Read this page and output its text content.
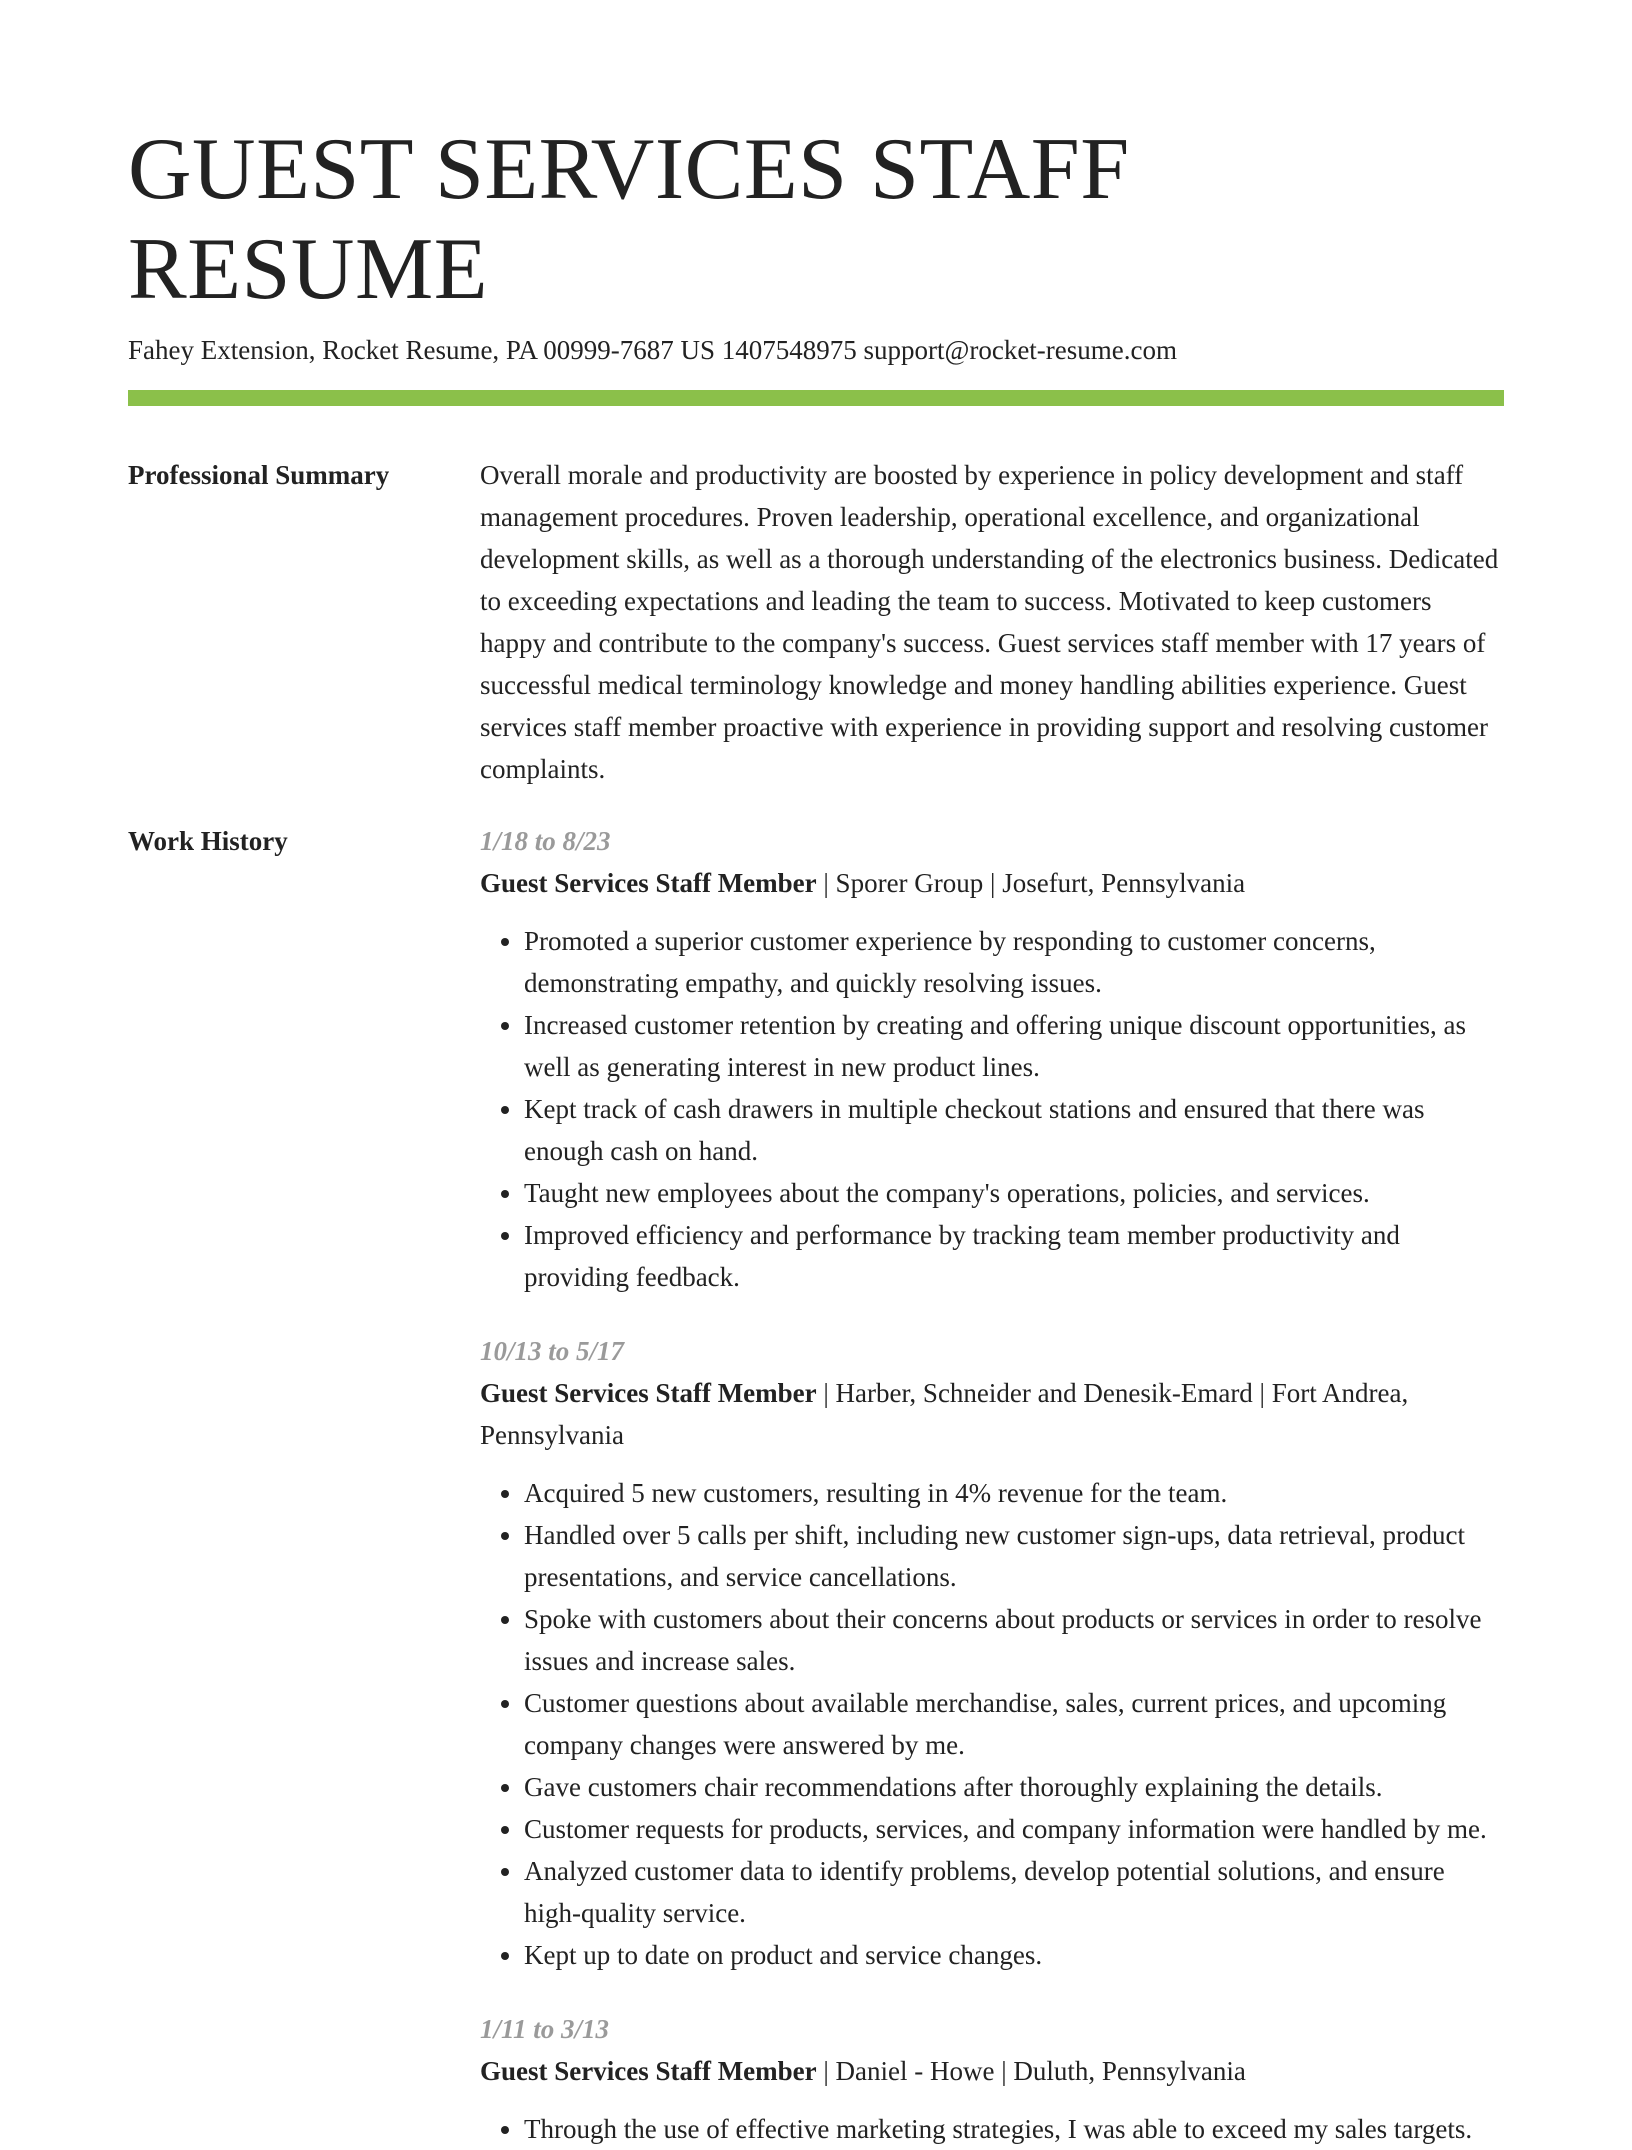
GUEST SERVICES STAFF RESUME
Fahey Extension, Rocket Resume, PA 00999-7687 US 1407548975 support@rocket-resume.com
Professional Summary	Overall morale and productivity are boosted by experience in policy development and staff management procedures. Proven leadership, operational excellence, and organizational development skills, as well as a thorough understanding of the electronics business. Dedicated to exceeding expectations and leading the team to success. Motivated to keep customers happy and contribute to the company's success. Guest services staff member with 17 years of successful medical terminology knowledge and money handling abilities experience. Guest services staff member proactive with experience in providing support and resolving customer complaints.

Work History	1/18 to 8/23
Guest Services Staff Member | Sporer Group | Josefurt, Pennsylvania
• Promoted a superior customer experience by responding to customer concerns, demonstrating empathy, and quickly resolving issues.
• Increased customer retention by creating and offering unique discount opportunities, as well as generating interest in new product lines.
• Kept track of cash drawers in multiple checkout stations and ensured that there was enough cash on hand.
• Taught new employees about the company's operations, policies, and services.
• Improved efficiency and performance by tracking team member productivity and providing feedback.
10/13 to 5/17
Guest Services Staff Member | Harber, Schneider and Denesik-Emard | Fort Andrea, Pennsylvania
• Acquired 5 new customers, resulting in 4% revenue for the team.
• Handled over 5 calls per shift, including new customer sign-ups, data retrieval, product presentations, and service cancellations.
• Spoke with customers about their concerns about products or services in order to resolve issues and increase sales.
• Customer questions about available merchandise, sales, current prices, and upcoming company changes were answered by me.
• Gave customers chair recommendations after thoroughly explaining the details.
• Customer requests for products, services, and company information were handled by me.
• Analyzed customer data to identify problems, develop potential solutions, and ensure high-quality service.
• Kept up to date on product and service changes.
1/11 to 3/13
Guest Services Staff Member | Daniel - Howe | Duluth, Pennsylvania
• Through the use of effective marketing strategies, I was able to exceed my sales targets.
